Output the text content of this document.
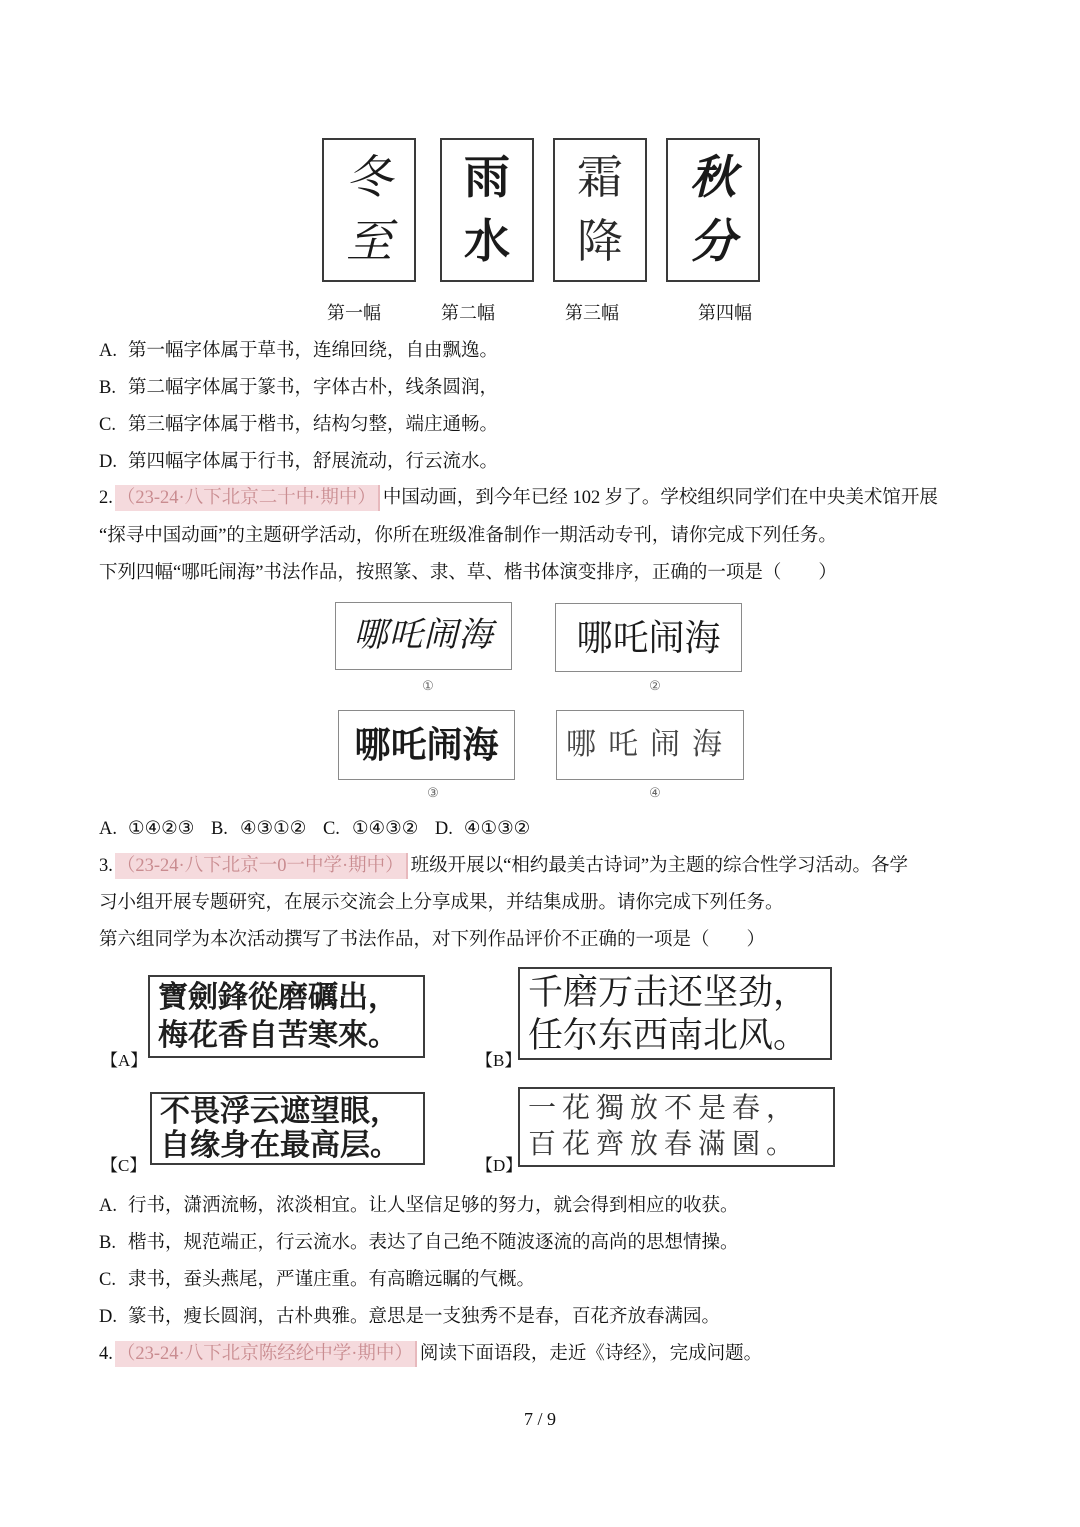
冬
至
雨
水
霜
降
秋
分
第一幅	第二幅	第三幅	第四幅
A. 第一幅字体属于草书，连绵回绕，自由飘逸。
B. 第二幅字体属于篆书，字体古朴，线条圆润，
C. 第三幅字体属于楷书，结构匀整，端庄通畅。
D. 第四幅字体属于行书，舒展流动，行云流水。
2. （23-24·八下北京二十中·期中） 中国动画，到今年已经 102 岁了。学校组织同学们在中央美术馆开展
“探寻中国动画”的主题研学活动，你所在班级准备制作一期活动专刊，请你完成下列任务。
下列四幅“哪吒闹海”书法作品，按照篆、隶、草、楷书体演变排序，正确的一项是（　　）
哪吒闹海 哪吒闹海
哪吒闹海 哪吒闹海
①	②
③	④
A. ①④②③ B. ④③①② C. ①④③② D. ④①③②
3. （23-24·八下北京一0一中学·期中） 班级开展以“相约最美古诗词”为主题的综合性学习活动。各学
习小组开展专题研究，在展示交流会上分享成果，并结集成册。请你完成下列任务。
第六组同学为本次活动撰写了书法作品，对下列作品评价不正确的一项是（　　）
寶劍鋒從磨礪出，
梅花香自苦寒來。
千磨万击还坚劲，
任尔东西南北风。
不畏浮云遮望眼，
自缘身在最高层。
一花獨放不是春，
百花齊放春滿園。
【A】	【B】
【C】	【D】
A. 行书，潇洒流畅，浓淡相宜。让人坚信足够的努力，就会得到相应的收获。
B. 楷书，规范端正，行云流水。表达了自己绝不随波逐流的高尚的思想情操。
C. 隶书，蚕头燕尾，严谨庄重。有高瞻远瞩的气概。
D. 篆书，瘦长圆润，古朴典雅。意思是一支独秀不是春，百花齐放春满园。
4. （23-24·八下北京陈经纶中学·期中） 阅读下面语段，走近《诗经》，完成问题。
7 / 9
